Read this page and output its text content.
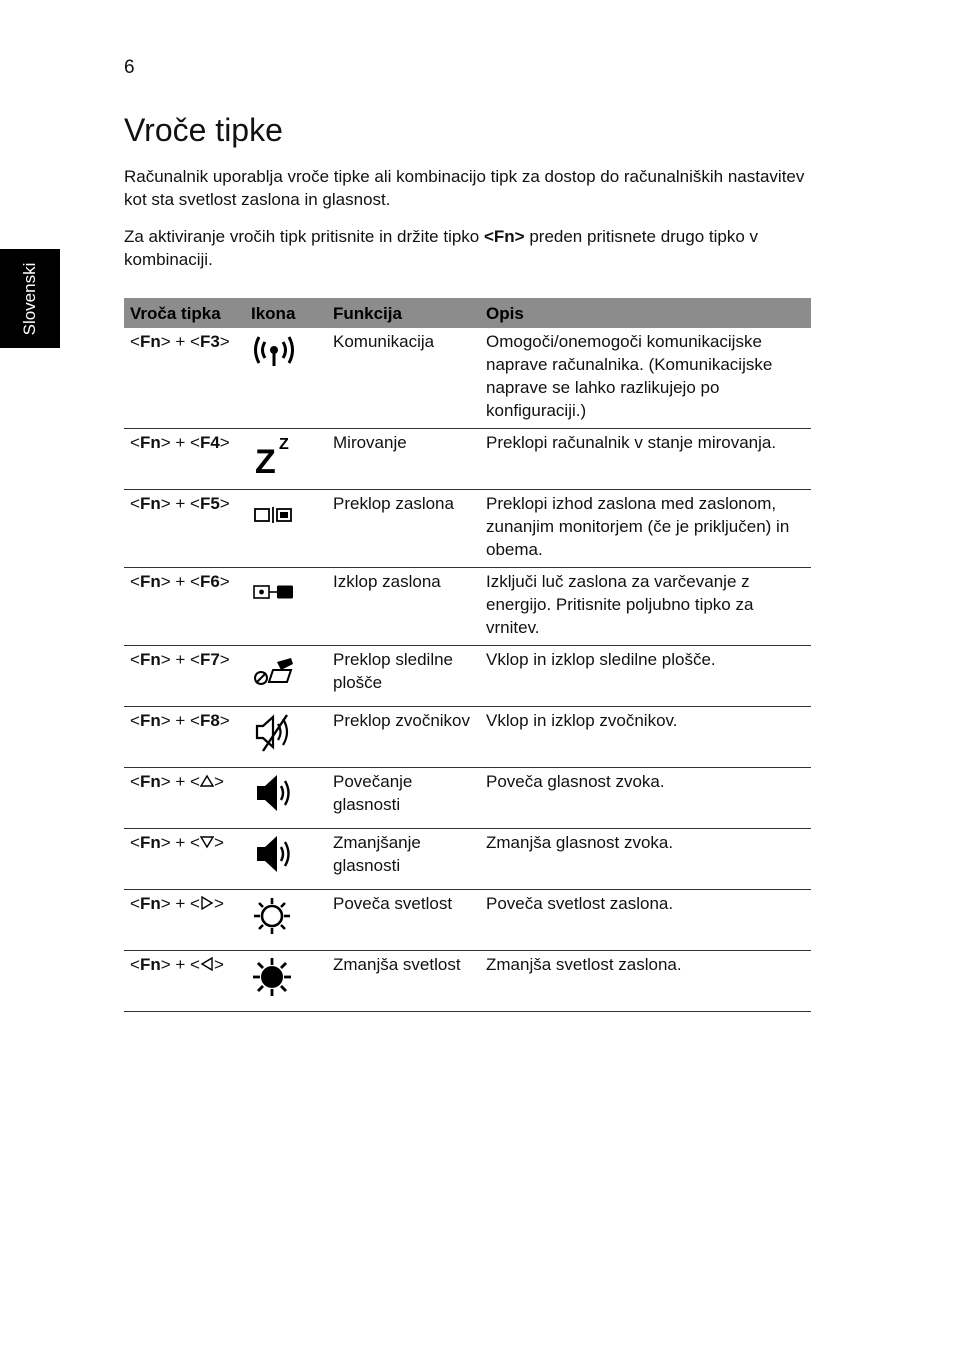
6
Slovenski
Vroče tipke

Računalnik uporablja vroče tipke ali kombinacijo tipk za dostop do računalniških nastavitev kot sta svetlost zaslona in glasnost.

Za aktiviranje vročih tipk pritisnite in držite tipko <Fn> preden pritisnete drugo tipko v kombinaciji.

Vroča tipka	Ikona	Funkcija	Opis
<Fn> + <F3>		Komunikacija	Omogoči/onemogoči komunikacijske naprave računalnika. (Komunikacijske naprave se lahko razlikujejo po konfiguraciji.)
<Fn> + <F4>	Z Z	Mirovanje	Preklopi računalnik v stanje mirovanja.
<Fn> + <F5>		Preklop zaslona	Preklopi izhod zaslona med zaslonom, zunanjim monitorjem (če je priključen) in obema.
<Fn> + <F6>		Izklop zaslona	Izključi luč zaslona za varčevanje z energijo. Pritisnite poljubno tipko za vrnitev.
<Fn> + <F7>		Preklop sledilne plošče	Vklop in izklop sledilne plošče.
<Fn> + <F8>		Preklop zvočnikov	Vklop in izklop zvočnikov.
<Fn> + < >		Povečanje glasnosti	Poveča glasnost zvoka.
<Fn> + < >		Zmanjšanje glasnosti	Zmanjša glasnost zvoka.
<Fn> + < >		Poveča svetlost	Poveča svetlost zaslona.
<Fn> + < >		Zmanjša svetlost	Zmanjša svetlost zaslona.
